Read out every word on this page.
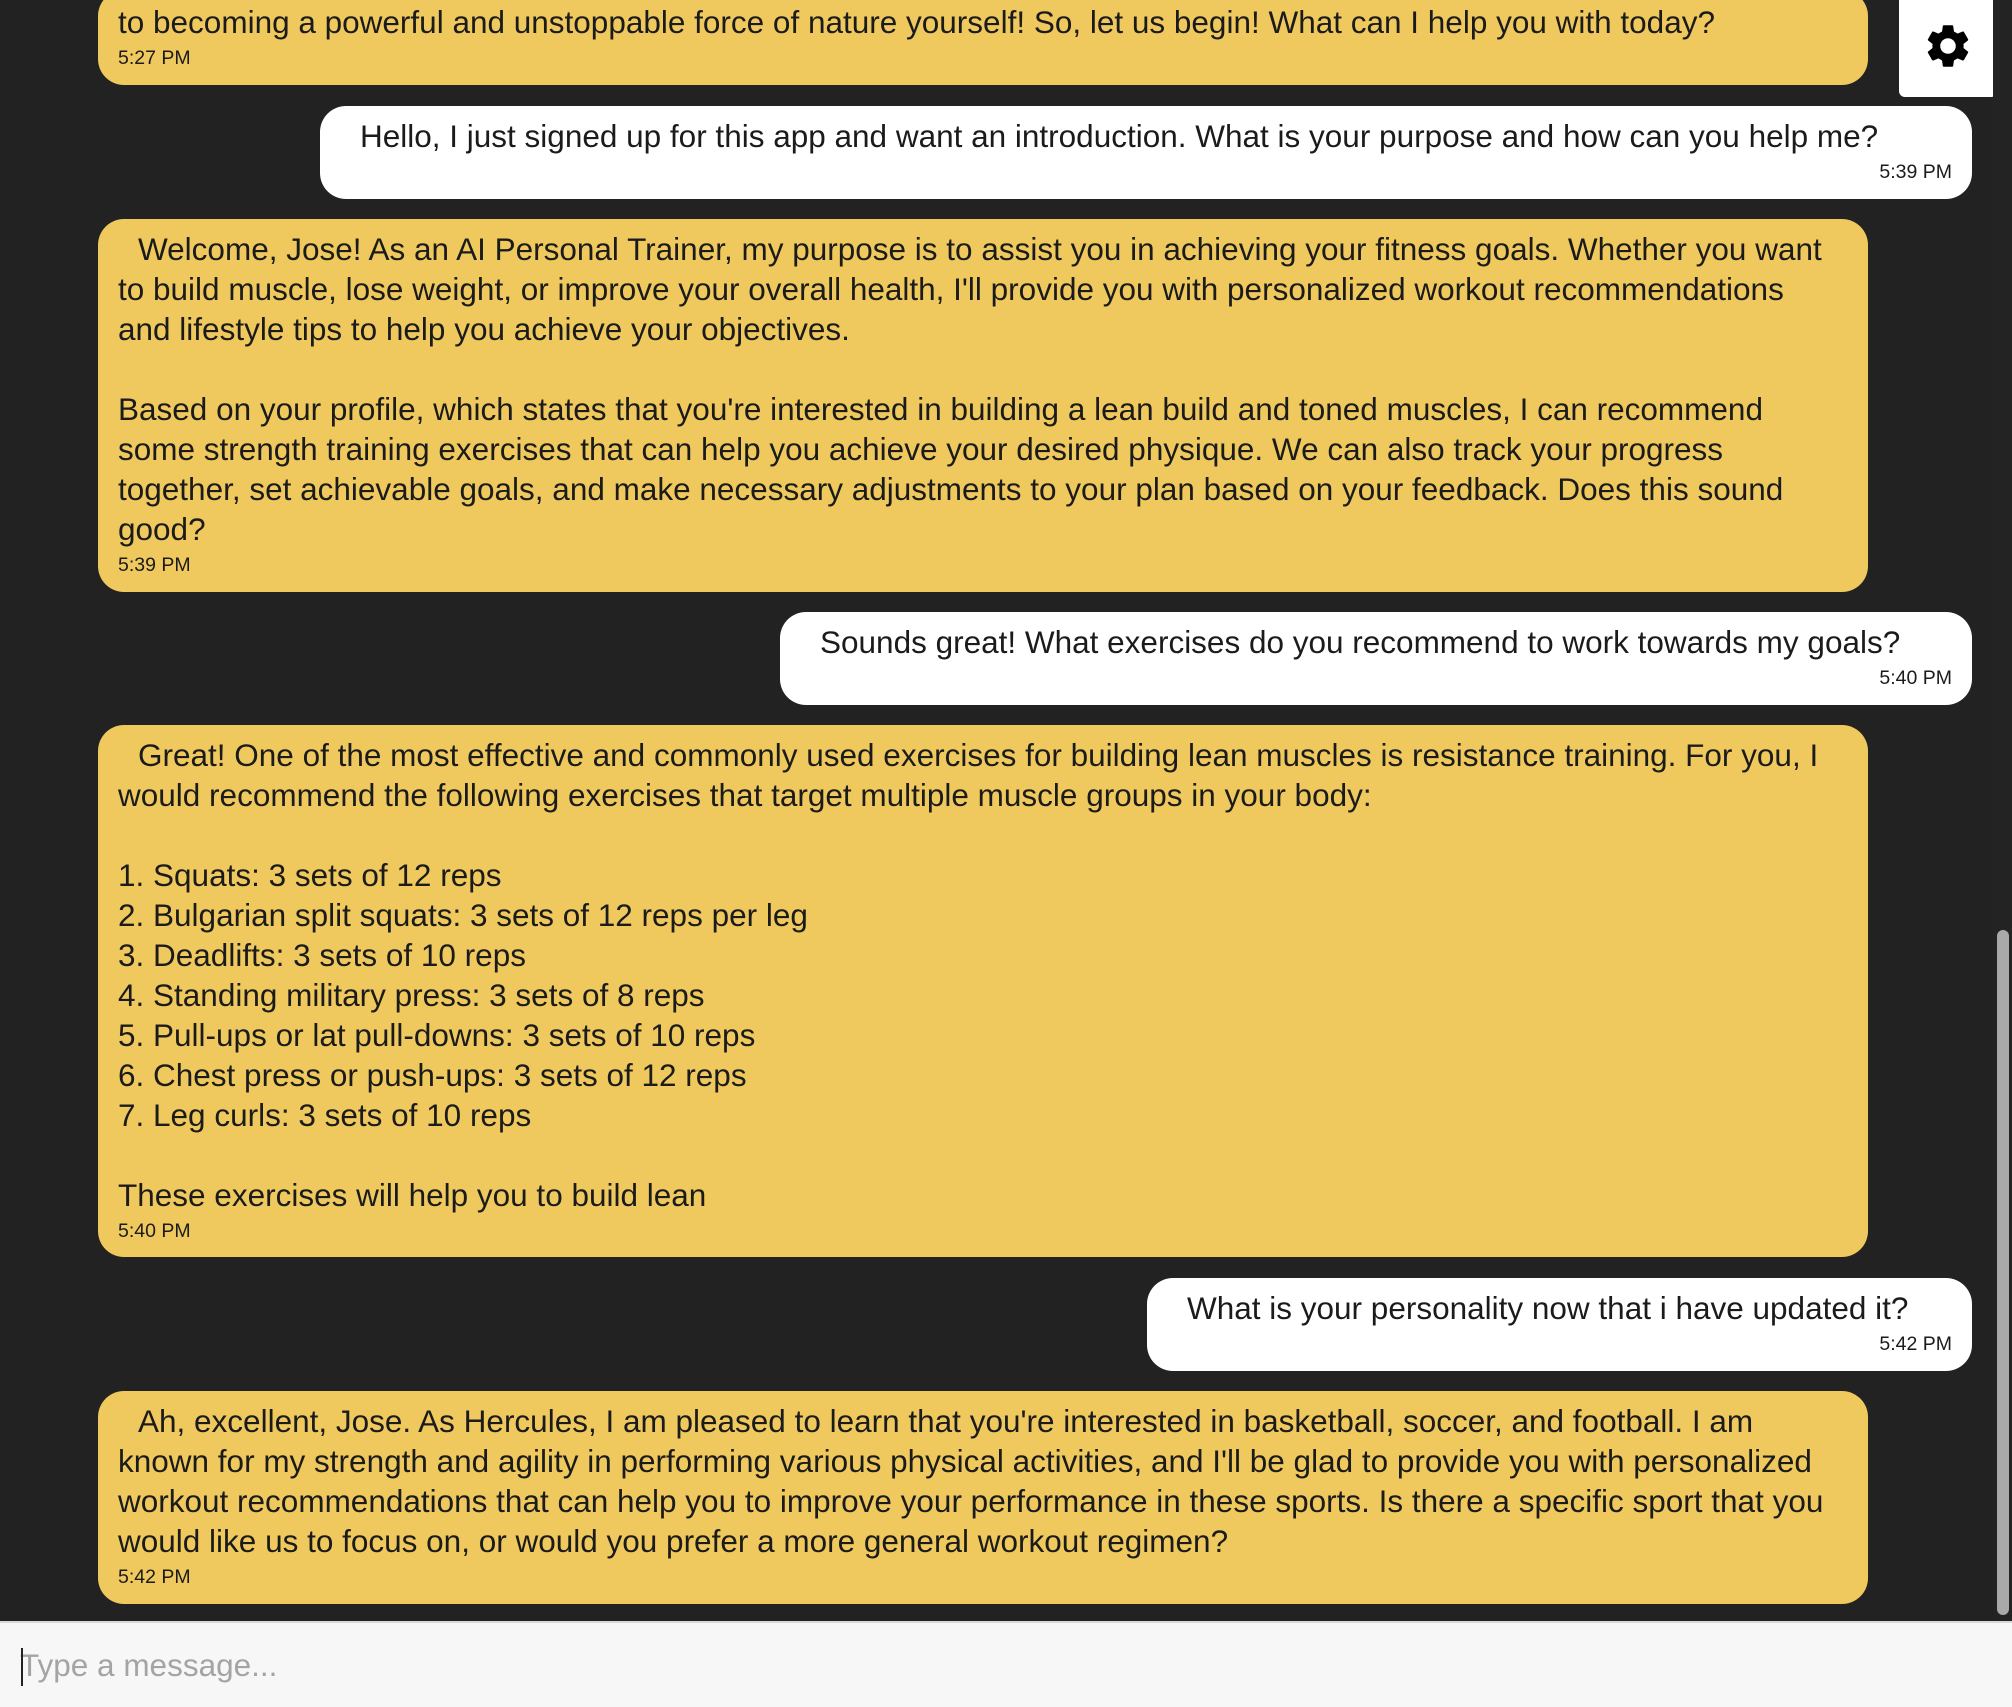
to becoming a powerful and unstoppable force of nature yourself! So, let us begin! What can I help you with today?
5:27 PM
Hello, I just signed up for this app and want an introduction. What is your purpose and how can you help me?
5:39 PM
Welcome, Jose! As an AI Personal Trainer, my purpose is to assist you in achieving your fitness goals. Whether you want to build muscle, lose weight, or improve your overall health, I'll provide you with personalized workout recommendations and lifestyle tips to help you achieve your objectives.

Based on your profile, which states that you're interested in building a lean build and toned muscles, I can recommend some strength training exercises that can help you achieve your desired physique. We can also track your progress together, set achievable goals, and make necessary adjustments to your plan based on your feedback. Does this sound good?
5:39 PM
Sounds great! What exercises do you recommend to work towards my goals?
5:40 PM
Great! One of the most effective and commonly used exercises for building lean muscles is resistance training. For you, I would recommend the following exercises that target multiple muscle groups in your body:

1. Squats: 3 sets of 12 reps
2. Bulgarian split squats: 3 sets of 12 reps per leg
3. Deadlifts: 3 sets of 10 reps
4. Standing military press: 3 sets of 8 reps
5. Pull-ups or lat pull-downs: 3 sets of 10 reps
6. Chest press or push-ups: 3 sets of 12 reps
7. Leg curls: 3 sets of 10 reps

These exercises will help you to build lean
5:40 PM
What is your personality now that i have updated it?
5:42 PM
Ah, excellent, Jose. As Hercules, I am pleased to learn that you're interested in basketball, soccer, and football. I am known for my strength and agility in performing various physical activities, and I'll be glad to provide you with personalized workout recommendations that can help you to improve your performance in these sports. Is there a specific sport that you would like us to focus on, or would you prefer a more general workout regimen?
5:42 PM
Type a message...
